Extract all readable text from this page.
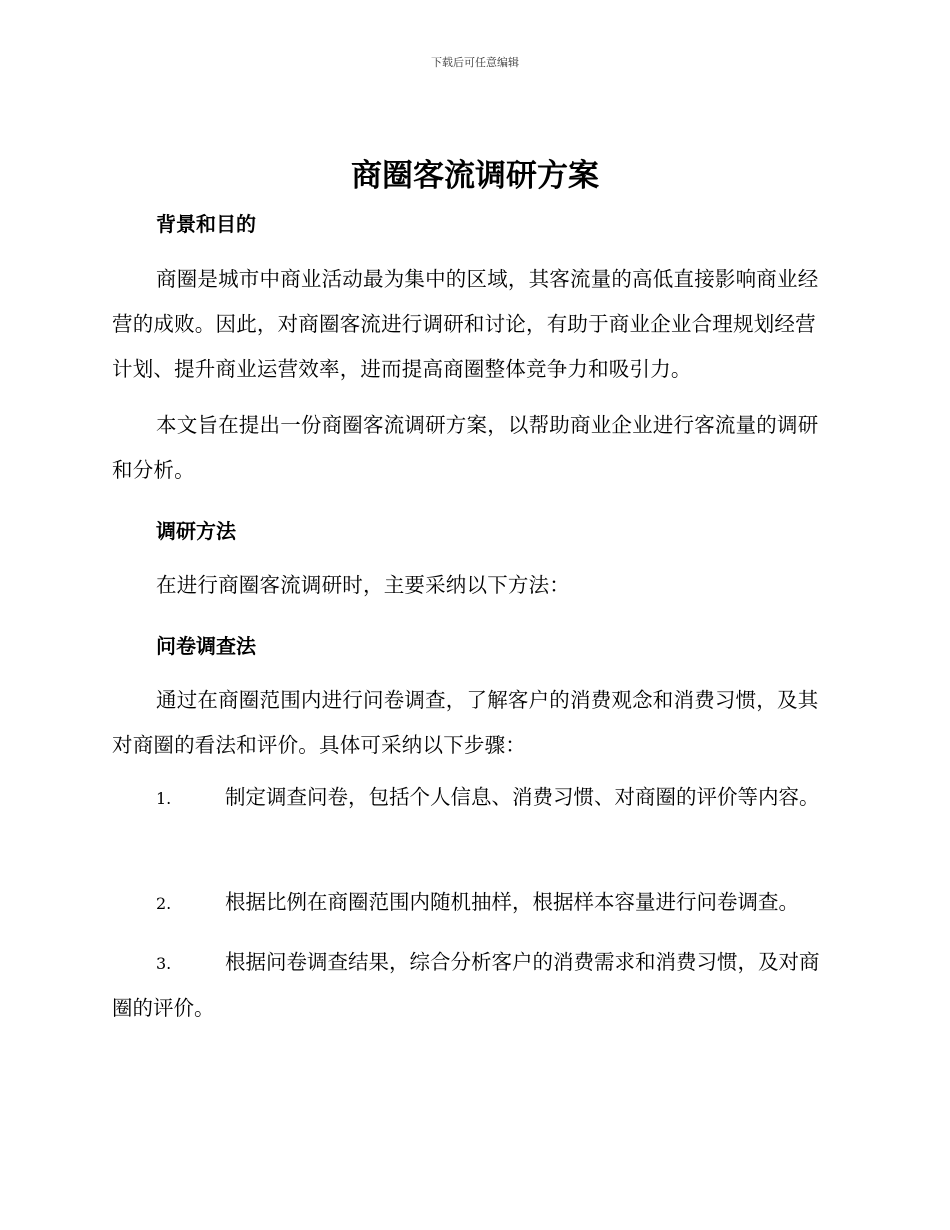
下载后可任意编辑
商圈客流调研方案
背景和目的

商圈是城市中商业活动最为集中的区域，其客流量的高低直接影响商业经营的成败。因此，对商圈客流进行调研和讨论，有助于商业企业合理规划经营计划、提升商业运营效率，进而提高商圈整体竞争力和吸引力。

本文旨在提出一份商圈客流调研方案，以帮助商业企业进行客流量的调研和分析。

调研方法

在进行商圈客流调研时，主要采纳以下方法：

问卷调查法

通过在商圈范围内进行问卷调查，了解客户的消费观念和消费习惯，及其对商圈的看法和评价。具体可采纳以下步骤：

1.	制定调查问卷，包括个人信息、消费习惯、对商圈的评价等内容。

2.	根据比例在商圈范围内随机抽样，根据样本容量进行问卷调查。

3.	根据问卷调查结果，综合分析客户的消费需求和消费习惯，及对商圈的评价。
